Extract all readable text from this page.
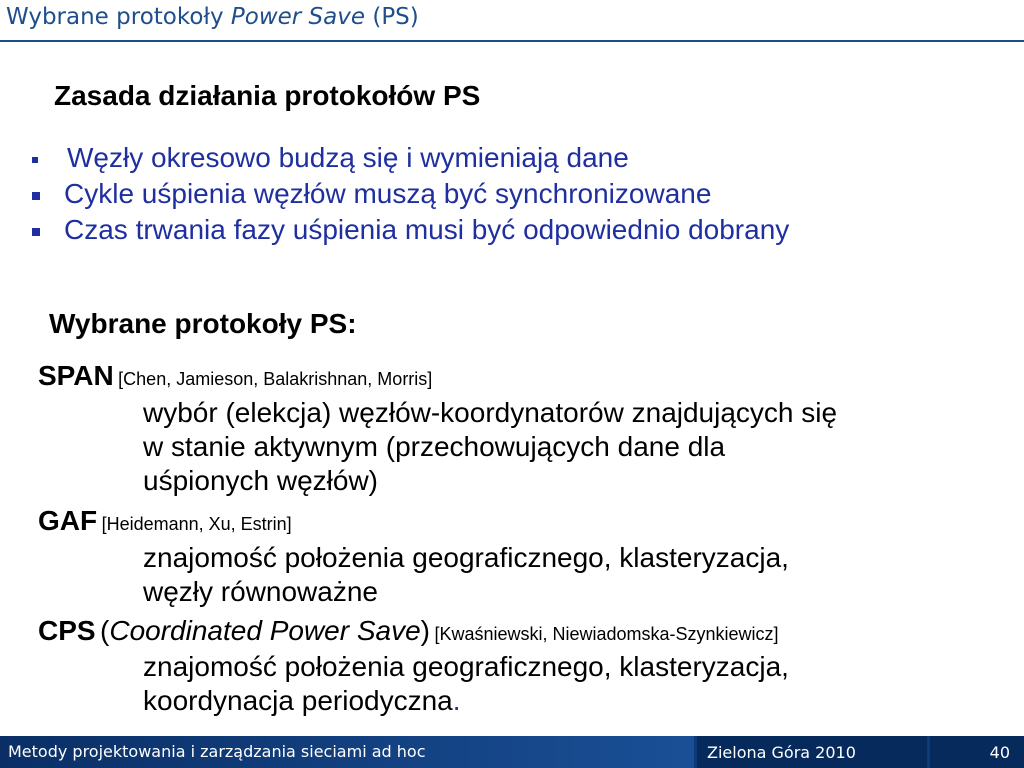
Wybrane protokoły Power Save (PS)
Zasada działania protokołów PS
Węzły okresowo budzą się i wymieniają dane
Cykle uśpienia węzłów muszą być synchronizowane
Czas trwania fazy uśpienia musi być odpowiednio dobrany
Wybrane protokoły PS:
SPAN [Chen, Jamieson, Balakrishnan, Morris]
wybór (elekcja) węzłów-koordynatorów znajdujących się
w stanie aktywnym (przechowujących dane dla
uśpionych węzłów)
GAF [Heidemann, Xu, Estrin]
znajomość położenia geograficznego, klasteryzacja,
węzły równoważne
CPS (Coordinated Power Save) [Kwaśniewski, Niewiadomska-Szynkiewicz]
znajomość położenia geograficznego, klasteryzacja,
koordynacja periodyczna.
Metody projektowania i zarządzania sieciami ad hoc	Zielona Góra 2010	40
